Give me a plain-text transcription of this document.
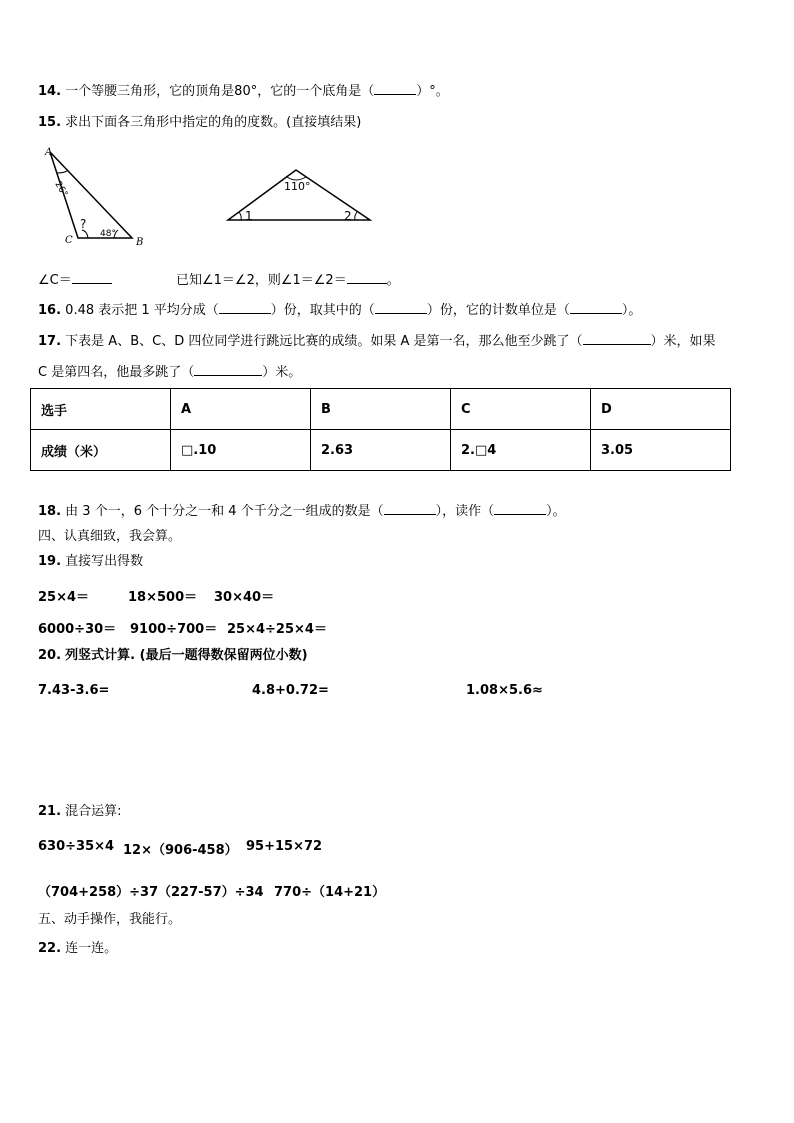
14. 一个等腰三角形，它的顶角是80°，它的一个底角是（	）°。
15. 求出下面各三角形中指定的角的度数。(直接填结果)
A
C	B
26°
48°
?
110°
1	2
∠C＝	已知∠1＝∠2，则∠1＝∠2＝	。
16. 0.48 表示把 1 平均分成（	）份，取其中的（	）份，它的计数单位是（	）。
17. 下表是 A、B、C、D 四位同学进行跳远比赛的成绩。如果 A 是第一名，那么他至少跳了（	）米，如果
C 是第四名，他最多跳了（	）米。
选手	A	B	C	D
成绩（米）	□.10	2.63	2.□4	3.05
18. 由 3 个一，6 个十分之一和 4 个千分之一组成的数是（	），读作（	）。
四、认真细致，我会算。
19. 直接写出得数
25×4＝	18×500＝ 30×40＝
6000÷30＝ 9100÷700＝ 25×4÷25×4＝
20. 列竖式计算. (最后一题得数保留两位小数)
7.43-3.6=	4.8+0.72=	1.08×5.6≈
21. 混合运算:
630÷35×4 12×（906-458） 95+15×72
（704+258）÷37 （227-57）÷34 770÷（14+21）
五、动手操作，我能行。
22. 连一连。
